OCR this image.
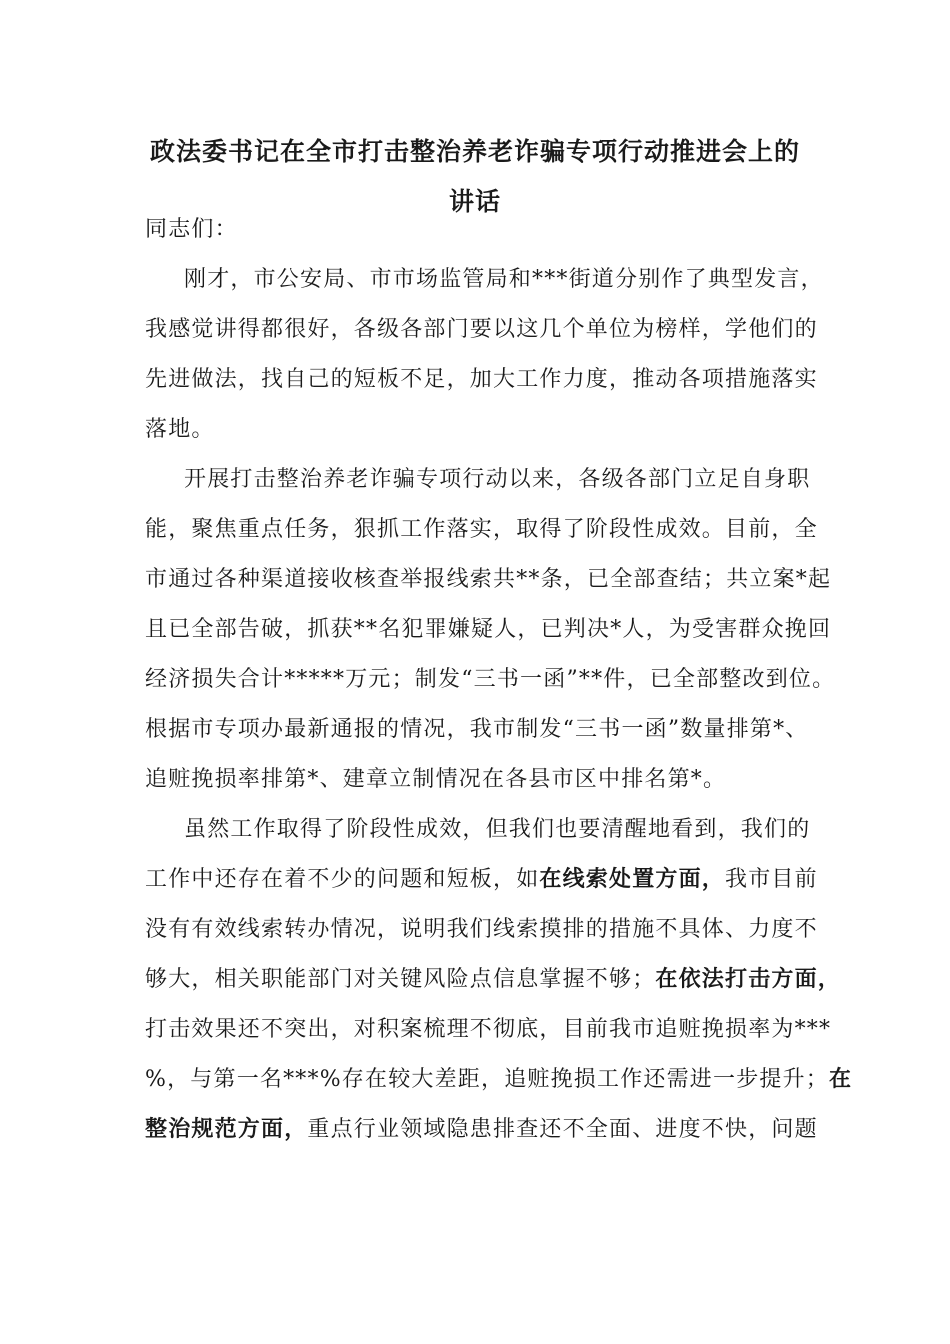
政法委书记在全市打击整治养老诈骗专项行动推进会上的
讲话
同志们：
刚才，市公安局、市市场监管局和***街道分别作了典型发言，
我感觉讲得都很好，各级各部门要以这几个单位为榜样，学他们的
先进做法，找自己的短板不足，加大工作力度，推动各项措施落实
落地。
开展打击整治养老诈骗专项行动以来，各级各部门立足自身职
能，聚焦重点任务，狠抓工作落实，取得了阶段性成效。目前，全
市通过各种渠道接收核查举报线索共**条，已全部查结；共立案*起
且已全部告破，抓获**名犯罪嫌疑人，已判决*人，为受害群众挽回
经济损失合计*****万元；制发“三书一函”**件，已全部整改到位。
根据市专项办最新通报的情况，我市制发“三书一函”数量排第*、
追赃挽损率排第*、建章立制情况在各县市区中排名第*。
虽然工作取得了阶段性成效，但我们也要清醒地看到，我们的
工作中还存在着不少的问题和短板，如在线索处置方面，我市目前
没有有效线索转办情况，说明我们线索摸排的措施不具体、力度不
够大，相关职能部门对关键风险点信息掌握不够；在依法打击方面，
打击效果还不突出，对积案梳理不彻底，目前我市追赃挽损率为***
%，与第一名***%存在较大差距，追赃挽损工作还需进一步提升；在
整治规范方面，重点行业领域隐患排查还不全面、进度不快，问题
